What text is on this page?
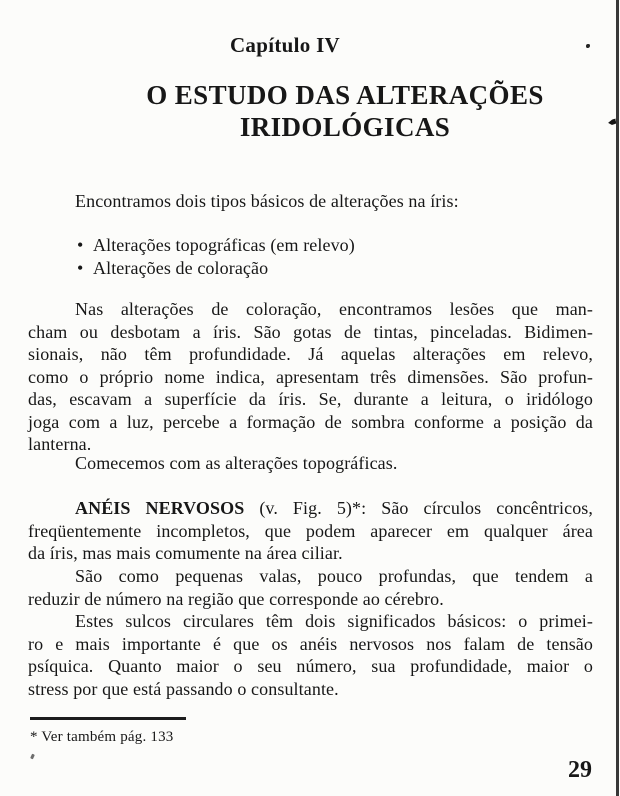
Capítulo IV
O ESTUDO DAS ALTERAÇÕES
IRIDOLÓGICAS
Encontramos dois tipos básicos de alterações na íris:
• Alterações topográficas (em relevo)
• Alterações de coloração
Nas alterações de coloração, encontramos lesões que man-
cham ou desbotam a íris. São gotas de tintas, pinceladas. Bidimen-
sionais, não têm profundidade. Já aquelas alterações em relevo,
como o próprio nome indica, apresentam três dimensões. São profun-
das, escavam a superfície da íris. Se, durante a leitura, o iridólogo
joga com a luz, percebe a formação de sombra conforme a posição da
lanterna.
Comecemos com as alterações topográficas.
ANÉIS NERVOSOS (v. Fig. 5)*: São círculos concêntricos,
freqüentemente incompletos, que podem aparecer em qualquer área
da íris, mas mais comumente na área ciliar.
São como pequenas valas, pouco profundas, que tendem a
reduzir de número na região que corresponde ao cérebro.
Estes sulcos circulares têm dois significados básicos: o primei-
ro e mais importante é que os anéis nervosos nos falam de tensão
psíquica. Quanto maior o seu número, sua profundidade, maior o
stress por que está passando o consultante.
* Ver também pág. 133
29
